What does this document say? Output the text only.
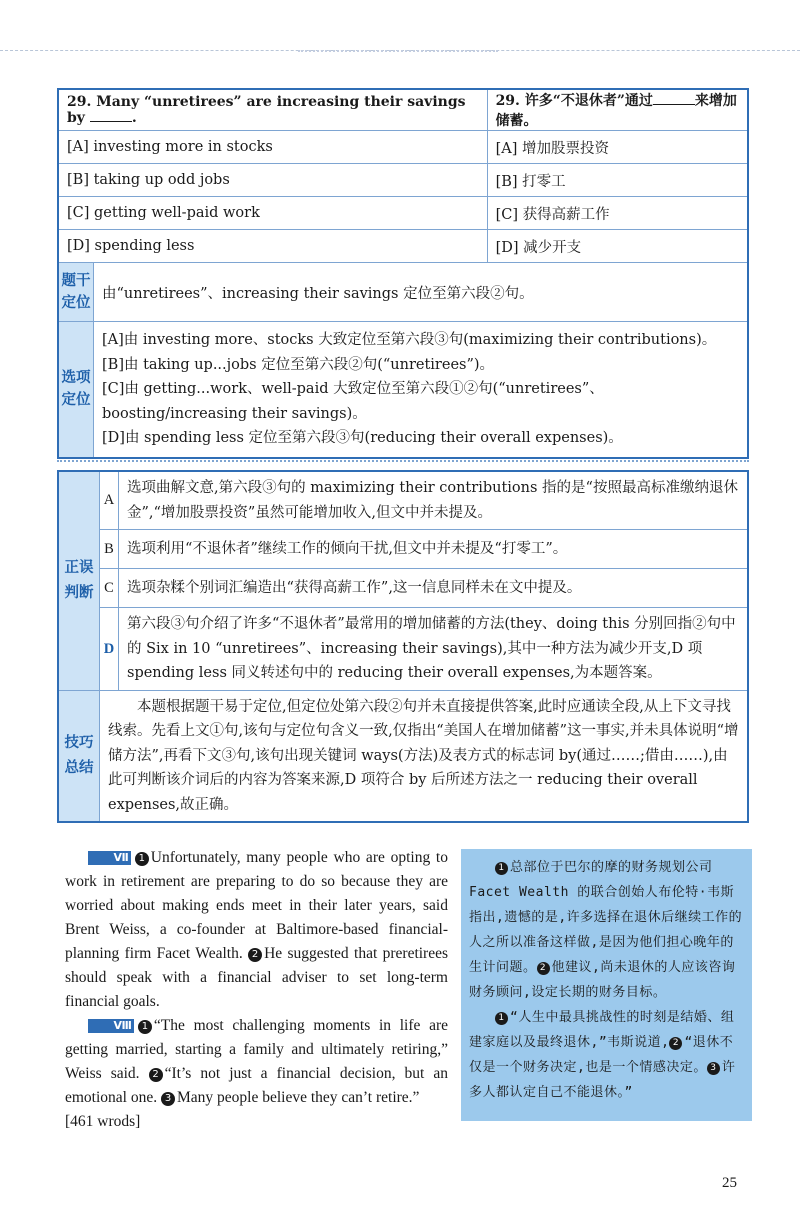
29. Many “unretirees” are increasing their savings by	.	29. 许多“不退休者”通过	来增加储蓄。
[A] investing more in stocks	[A] 增加股票投资
[B] taking up odd jobs	[B] 打零工
[C] getting well-paid work	[C] 获得高薪工作
[D] spending less	[D] 减少开支

题干
定位
	由“unretirees”、increasing their savings 定位至第六段②句。

选项
定位

[A]由 investing more、stocks 大致定位至第六段③句(maximizing their contributions)。
[B]由 taking up...jobs 定位至第六段②句(“unretirees”)。
[C]由 getting...work、well-paid 大致定位至第六段①②句(“unretirees”、boosting/increasing their savings)。
[D]由 spending less 定位至第六段③句(reducing their overall expenses)。
正误
判断	A	选项曲解文意,第六段③句的 maximizing their contributions 指的是“按照最高标准缴纳退休金”,“增加股票投资”虽然可能增加收入,但文中并未提及。
	B	选项利用“不退休者”继续工作的倾向干扰,但文中并未提及“打零工”。
	C	选项杂糅个别词汇编造出“获得高薪工作”,这一信息同样未在文中提及。
	D	第六段③句介绍了许多“不退休者”最常用的增加储蓄的方法(they、doing this 分别回指②句中的 Six in 10 “unretirees”、increasing their savings),其中一种方法为减少开支,D 项 spending less 同义转述句中的 reducing their overall expenses,为本题答案。

技巧
总结	本题根据题干易于定位,但定位处第六段②句并未直接提供答案,此时应通读全段,从上下文寻找线索。先看上文①句,该句与定位句含义一致,仅指出“美国人在增加储蓄”这一事实,并未具体说明“增储方法”,再看下文③句,该句出现关键词 ways(方法)及表方式的标志词 by(通过……;借由……),由此可判断该介词后的内容为答案来源,D 项符合 by 后所述方法之一 reducing their overall expenses,故正确。	

Ⅶ 1 Unfortunately, many people who are opting to work in retirement are preparing to do so because they are worried about making ends meet in their later years, said Brent Weiss, a co-founder at Baltimore-based financial-planning firm Facet Wealth. 2 He suggested that preretirees should speak with a financial adviser to set long-term financial goals.

Ⅷ 1 “The most challenging moments in life are getting married, starting a family and ultimately retiring,” Weiss said. 2 “It’s not just a financial decision, but an emotional one. 3 Many people believe they can’t retire.”

[461 wrods]

1 总部位于巴尔的摩的财务规划公司 Facet Wealth 的联合创始人布伦特·韦斯指出,遗憾的是,许多选择在退休后继续工作的人之所以准备这样做,是因为他们担心晚年的生计问题。 2 他建议,尚未退休的人应该咨询财务顾问,设定长期的财务目标。

1 “人生中最具挑战性的时刻是结婚、组建家庭以及最终退休,”韦斯说道, 2 “退休不仅是一个财务决定,也是一个情感决定。 3 许多人都认定自己不能退休。”

25
